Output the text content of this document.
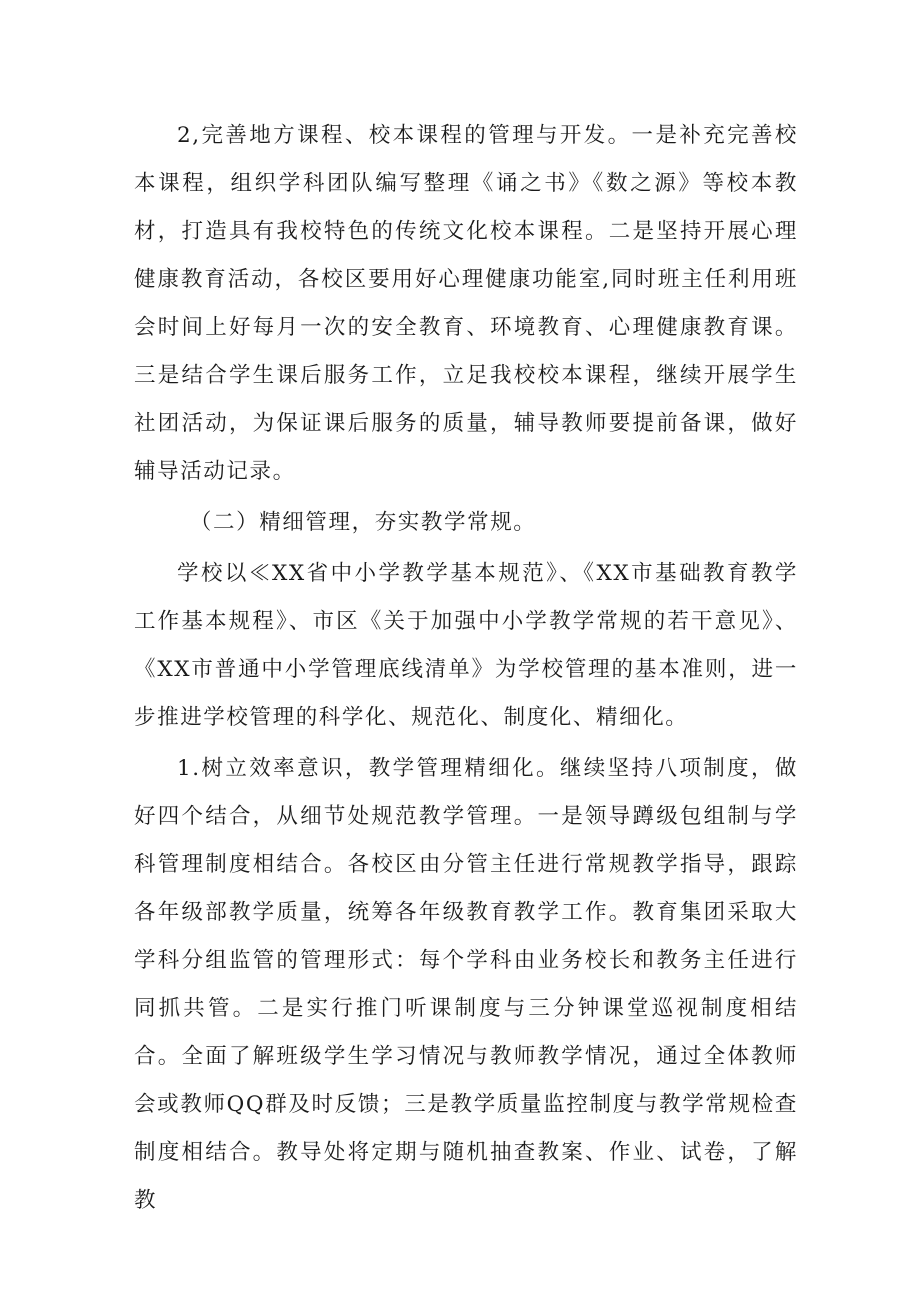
2,完善地方课程、校本课程的管理与开发。一是补充完善校本课程，组织学科团队编写整理《诵之书》《数之源》等校本教材，打造具有我校特色的传统文化校本课程。二是坚持开展心理健康教育活动，各校区要用好心理健康功能室,同时班主任利用班会时间上好每月一次的安全教育、环境教育、心理健康教育课。三是结合学生课后服务工作，立足我校校本课程，继续开展学生社团活动，为保证课后服务的质量，辅导教师要提前备课，做好辅导活动记录。

（二）精细管理，夯实教学常规。

学校以≪XX省中小学教学基本规范》、《XX市基础教育教学工作基本规程》、市区《关于加强中小学教学常规的若干意见》、《XX市普通中小学管理底线清单》为学校管理的基本准则，进一步推进学校管理的科学化、规范化、制度化、精细化。

1.树立效率意识，教学管理精细化。继续坚持八项制度，做好四个结合，从细节处规范教学管理。一是领导蹲级包组制与学科管理制度相结合。各校区由分管主任进行常规教学指导，跟踪各年级部教学质量，统筹各年级教育教学工作。教育集团采取大学科分组监管的管理形式：每个学科由业务校长和教务主任进行同抓共管。二是实行推门听课制度与三分钟课堂巡视制度相结合。全面了解班级学生学习情况与教师教学情况，通过全体教师会或教师QQ群及时反馈；三是教学质量监控制度与教学常规检查制度相结合。教导处将定期与随机抽查教案、作业、试卷，了解教
